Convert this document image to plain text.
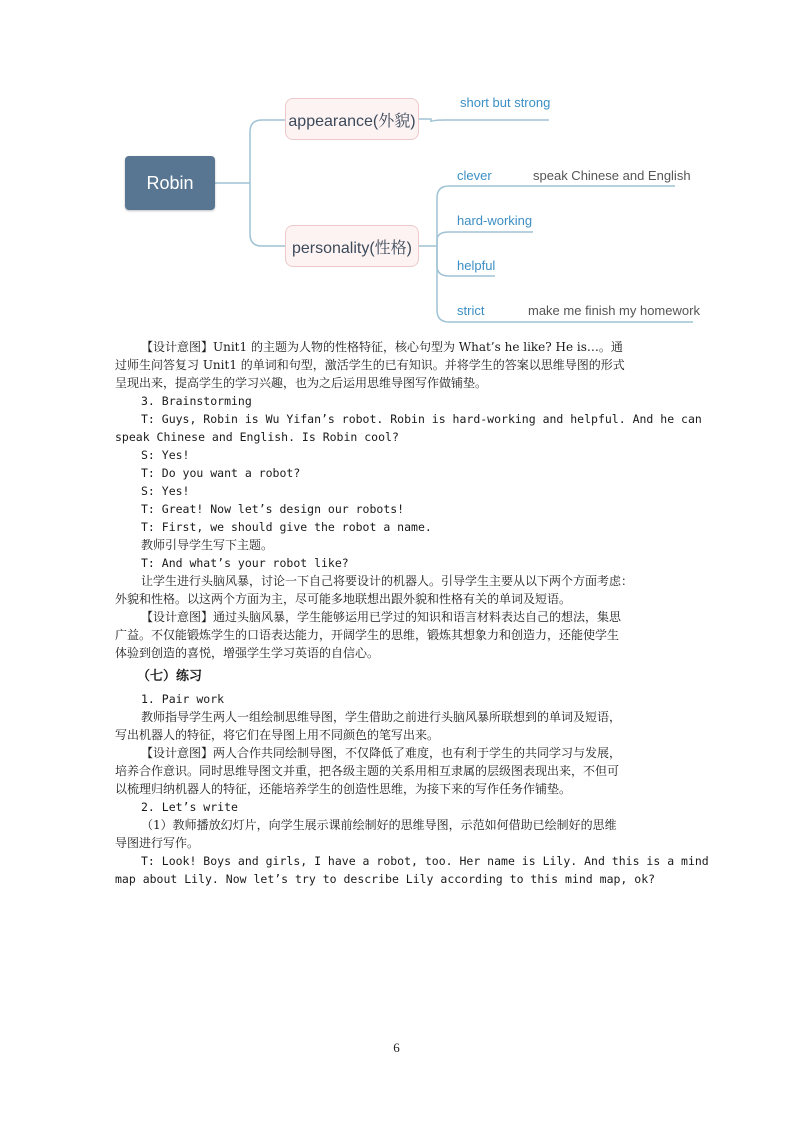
Robin
appearance(外貌)
personality(性格)
short but strong
clever	speak Chinese and English
hard-working
helpful
strict	make me finish my homework
【设计意图】Unit1 的主题为人物的性格特征，核心句型为 What’s he like? He is…。通
过师生问答复习 Unit1 的单词和句型，激活学生的已有知识。并将学生的答案以思维导图的形式
呈现出来，提高学生的学习兴趣，也为之后运用思维导图写作做铺垫。
3. Brainstorming
T: Guys, Robin is Wu Yifan’s robot. Robin is hard-working and helpful. And he can
speak Chinese and English. Is Robin cool?
S: Yes!
T: Do you want a robot?
S: Yes!
T: Great! Now let’s design our robots!
T: First, we should give the robot a name.
教师引导学生写下主题。
T: And what’s your robot like?
让学生进行头脑风暴，讨论一下自己将要设计的机器人。引导学生主要从以下两个方面考虑：
外貌和性格。以这两个方面为主，尽可能多地联想出跟外貌和性格有关的单词及短语。
【设计意图】通过头脑风暴，学生能够运用已学过的知识和语言材料表达自己的想法，集思
广益。不仅能锻炼学生的口语表达能力，开阔学生的思维，锻炼其想象力和创造力，还能使学生
体验到创造的喜悦，增强学生学习英语的自信心。
（七）练习
1. Pair work
教师指导学生两人一组绘制思维导图，学生借助之前进行头脑风暴所联想到的单词及短语，
写出机器人的特征，将它们在导图上用不同颜色的笔写出来。
【设计意图】两人合作共同绘制导图，不仅降低了难度，也有利于学生的共同学习与发展，
培养合作意识。同时思维导图文并重，把各级主题的关系用相互隶属的层级图表现出来，不但可
以梳理归纳机器人的特征，还能培养学生的创造性思维，为接下来的写作任务作铺垫。
2. Let’s write
（1）教师播放幻灯片，向学生展示课前绘制好的思维导图，示范如何借助已绘制好的思维
导图进行写作。
T: Look! Boys and girls, I have a robot, too. Her name is Lily. And this is a mind
map about Lily. Now let’s try to describe Lily according to this mind map, ok?
6
